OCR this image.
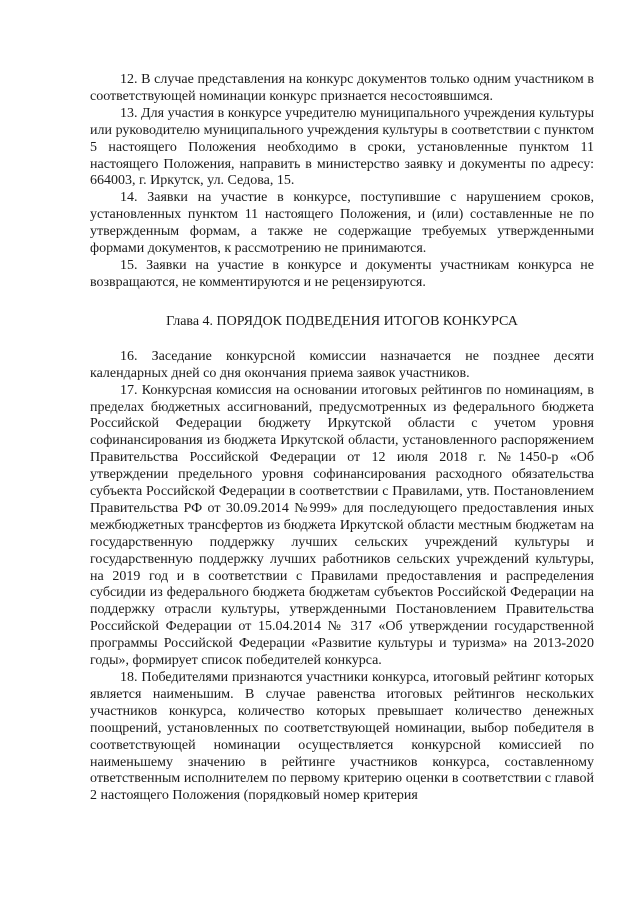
12. В случае представления на конкурс документов только одним участником в соответствующей номинации конкурс признается несостоявшимся.

13. Для участия в конкурсе учредителю муниципального учреждения культуры или руководителю муниципального учреждения культуры в соответствии с пунктом 5 настоящего Положения необходимо в сроки, установленные пунктом 11 настоящего Положения, направить в министерство заявку и документы по адресу: 664003, г. Иркутск, ул. Седова, 15.

14. Заявки на участие в конкурсе, поступившие с нарушением сроков, установленных пунктом 11 настоящего Положения, и (или) составленные не по утвержденным формам, а также не содержащие требуемых утвержденными формами документов, к рассмотрению не принимаются.

15. Заявки на участие в конкурсе и документы участникам конкурса не возвращаются, не комментируются и не рецензируются.

Глава 4. ПОРЯДОК ПОДВЕДЕНИЯ ИТОГОВ КОНКУРСА

16. Заседание конкурсной комиссии назначается не позднее десяти календарных дней со дня окончания приема заявок участников.

17. Конкурсная комиссия на основании итоговых рейтингов по номинациям, в пределах бюджетных ассигнований, предусмотренных из федерального бюджета Российской Федерации бюджету Иркутской области с учетом уровня софинансирования из бюджета Иркутской области, установленного распоряжением Правительства Российской Федерации от 12 июля 2018 г. №1450-р «Об утверждении предельного уровня софинансирования расходного обязательства субъекта Российской Федерации в соответствии с Правилами, утв. Постановлением Правительства РФ от 30.09.2014 №999» для последующего предоставления иных межбюджетных трансфертов из бюджета Иркутской области местным бюджетам на государственную поддержку лучших сельских учреждений культуры и государственную поддержку лучших работников сельских учреждений культуры, на 2019 год и в соответствии с Правилами предоставления и распределения субсидии из федерального бюджета бюджетам субъектов Российской Федерации на поддержку отрасли культуры, утвержденными Постановлением Правительства Российской Федерации от 15.04.2014 № 317 «Об утверждении государственной программы Российской Федерации «Развитие культуры и туризма» на 2013-2020 годы», формирует список победителей конкурса.

18. Победителями признаются участники конкурса, итоговый рейтинг которых является наименьшим. В случае равенства итоговых рейтингов нескольких участников конкурса, количество которых превышает количество денежных поощрений, установленных по соответствующей номинации, выбор победителя в соответствующей номинации осуществляется конкурсной комиссией по наименьшему значению в рейтинге участников конкурса, составленному ответственным исполнителем по первому критерию оценки в соответствии с главой 2 настоящего Положения (порядковый номер критерия
